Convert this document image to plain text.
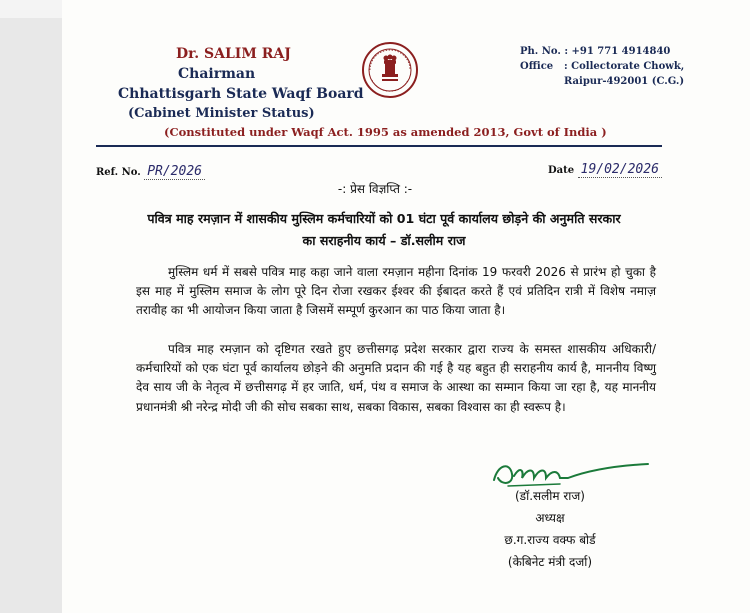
Dr. SALIM RAJ
Chairman
Chhattisgarh State Waqf Board
(Cabinet Minister Status)
Ph. No. :
+91 771 4914840
Office	: Collectorate Chowk,
Raipur-492001 (C.G.)
(Constituted under Waqf Act. 1995 as amended 2013, Govt of India )
Ref. No. PR/2026	Date 19/02/2026
-: प्रेस विज्ञप्ति :-
पवित्र माह रमज़ान में शासकीय मुस्लिम कर्मचारियों को 01 घंटा पूर्व कार्यालय छोड़ने की अनुमति सरकार का सराहनीय कार्य – डॉ.सलीम राज
मुस्लिम धर्म में सबसे पवित्र माह कहा जाने वाला रमज़ान महीना दिनांक 19 फरवरी 2026 से प्रारंभ हो चुका है इस माह में मुस्लिम समाज के लोग पूरे दिन रोजा रखकर ईश्वर की ईबादत करते हैं एवं प्रतिदिन रात्री में विशेष नमाज़ तरावीह का भी आयोजन किया जाता है जिसमें सम्पूर्ण कुरआन का पाठ किया जाता है।
पवित्र माह रमज़ान को दृष्टिगत रखते हुए छत्तीसगढ़ प्रदेश सरकार द्वारा राज्य के समस्त शासकीय अधिकारी/कर्मचारियों को एक घंटा पूर्व कार्यालय छोड़ने की अनुमति प्रदान की गई है यह बहुत ही सराहनीय कार्य है, माननीय विष्णु देव साय जी के नेतृत्व में छत्तीसगढ़ में हर जाति, धर्म, पंथ व समाज के आस्था का सम्मान किया जा रहा है, यह माननीय प्रधानमंत्री श्री नरेन्द्र मोदी जी की सोच सबका साथ, सबका विकास, सबका विश्वास का ही स्वरूप है।
(डॉ.सलीम राज)
अध्यक्ष
छ.ग.राज्य वक्फ बोर्ड
(केबिनेट मंत्री दर्जा)
